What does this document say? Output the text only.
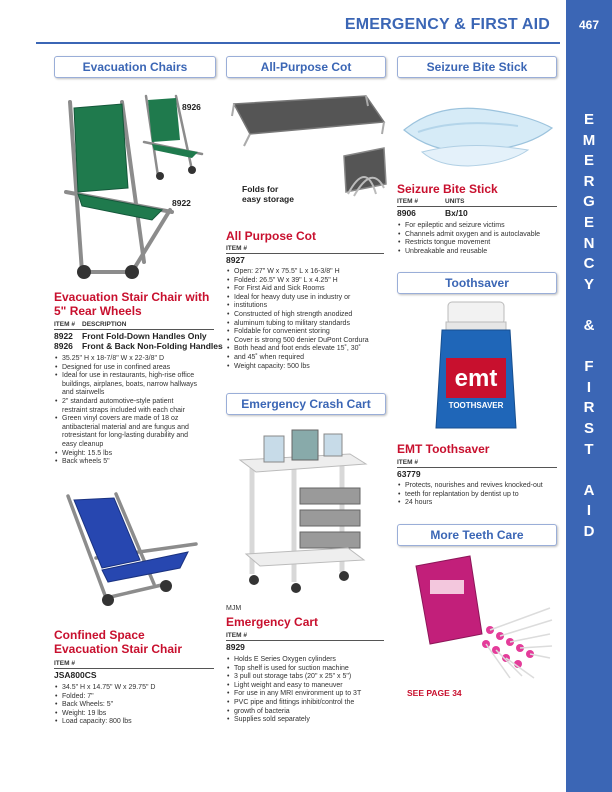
EMERGENCY & FIRST AID	467
E
M
E
R
G
E
N
C
Y
&
F
I
R
S
T
A
I
D
Evacuation Chairs	All-Purpose Cot	Seizure Bite Stick
Toothsaver
Emergency Crash Cart
More Teeth Care
8926
8922
Evacuation Stair Chair with
5" Rear Wheels
ITEM # DESCRIPTION
8922 Front Fold-Down Handles Only
8926 Front & Back Non-Folding Handles
• 35.25" H x 18-7/8" W x 22-3/8" D
• Designed for use in confined areas
• Ideal for use in restaurants, high-rise office
buildings, airplanes, boats, narrow hallways
and stairwells
• 2" standard automotive-style patient
restraint straps included with each chair
• Green vinyl covers are made of 18 oz
antibacterial material and are fungus and
rotresistant for long-lasting durability and
easy cleanup
• Weight: 15.5 lbs
• Back wheels 5"
Confined Space
Evacuation Stair Chair
ITEM #
JSA800CS
• 34.5" H x 14.75" W x 29.75" D
• Folded: 7"
• Back Wheels: 5"
• Weight: 19 lbs
• Load capacity: 800 lbs
Folds for
easy storage
All Purpose Cot
ITEM #
8927
• Open: 27" W x 75.5" L x 16-3/8" H
• Folded: 26.5" W x 39" L x 4.25" H
• For First Aid and Sick Rooms
• Ideal for heavy duty use in industry or
• institutions
• Constructed of high strength anodized
• aluminum tubing to military standards
• Foldable for convenient storing
• Cover is strong 500 denier DuPont Cordura
• Both head and foot ends elevate 15˚, 30˚
• and 45˚ when required
• Weight capacity: 500 lbs
MJM
Emergency Cart
ITEM #
8929
• Holds E Series Oxygen cylinders
• Top shelf is used for suction machine
• 3 pull out storage tabs (20" x 25" x 5")
• Light weight and easy to maneuver
• For use in any MRI environment up to 3T
• PVC pipe and fittings inhibit/control the
• growth of bacteria
• Supplies sold separately
Seizure Bite Stick
ITEM #	UNITS
8906	Bx/10
• For epileptic and seizure victims
• Channels admit oxygen and is autoclavable
• Restricts tongue movement
• Unbreakable and reusable
emt
TOOTHSAVER
EMT Toothsaver
ITEM #
63779
• Protects, nourishes and revives knocked-out
• teeth for replantation by dentist up to
• 24 hours
SEE PAGE 34
